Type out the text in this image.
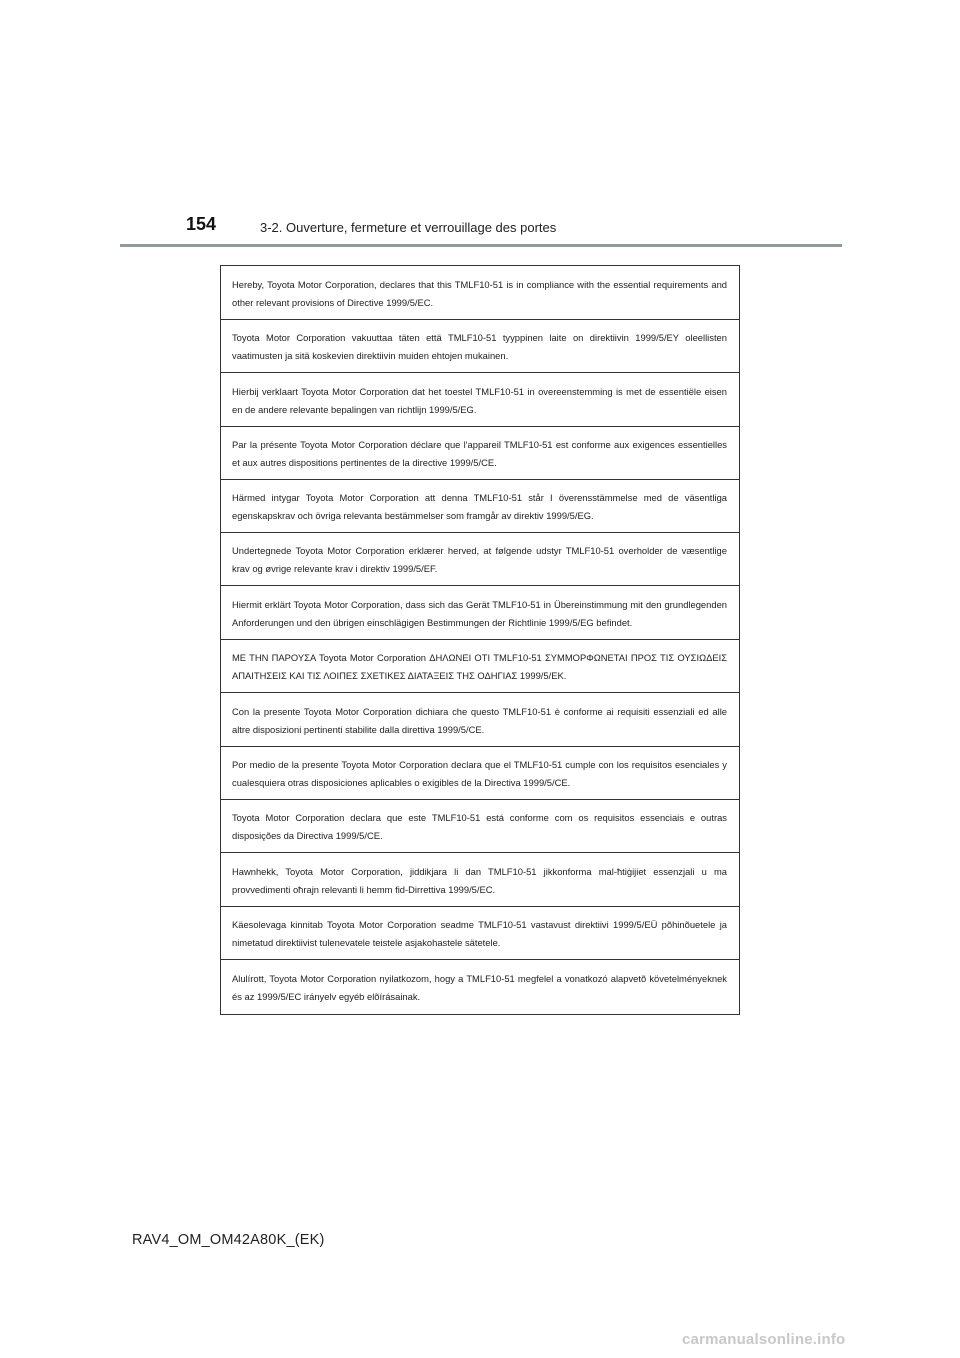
154	3-2. Ouverture, fermeture et verrouillage des portes
Hereby, Toyota Motor Corporation, declares that this TMLF10-51 is in compliance with the essential requirements and other relevant provisions of Directive 1999/5/EC.
Toyota Motor Corporation vakuuttaa täten että TMLF10-51 tyyppinen laite on direktiivin 1999/5/EY oleellisten vaatimusten ja sitä koskevien direktiivin muiden ehtojen mukainen.
Hierbij verklaart Toyota Motor Corporation dat het toestel TMLF10-51 in overeenstemming is met de essentiële eisen en de andere relevante bepalingen van richtlijn 1999/5/EG.
Par la présente Toyota Motor Corporation déclare que l'appareil TMLF10-51 est conforme aux exigences essentielles et aux autres dispositions pertinentes de la directive 1999/5/CE.
Härmed intygar Toyota Motor Corporation att denna TMLF10-51 står I överensstämmelse med de väsentliga egenskapskrav och övriga relevanta bestämmelser som framgår av direktiv 1999/5/EG.
Undertegnede Toyota Motor Corporation erklærer herved, at følgende udstyr TMLF10-51 overholder de væsentlige krav og øvrige relevante krav i direktiv 1999/5/EF.
Hiermit erklärt Toyota Motor Corporation, dass sich das Gerät TMLF10-51 in Übereinstimmung mit den grundlegenden Anforderungen und den übrigen einschlägigen Bestimmungen der Richtlinie 1999/5/EG befindet.
ΜΕ ΤΗΝ ΠΑΡΟΥΣΑ Toyota Motor Corporation ΔΗΛΩΝΕΙ ΟΤΙ TMLF10-51 ΣΥΜΜΟΡΦΩΝΕΤΑΙ ΠΡΟΣ ΤΙΣ ΟΥΣΙΩΔΕΙΣ ΑΠΑΙΤΗΣΕΙΣ ΚΑΙ ΤΙΣ ΛΟΙΠΕΣ ΣΧΕΤΙΚΕΣ ΔΙΑΤΑΞΕΙΣ ΤΗΣ ΟΔΗΓΙΑΣ 1999/5/ΕΚ.
Con la presente Toyota Motor Corporation dichiara che questo TMLF10-51 è conforme ai requisiti essenziali ed alle altre disposizioni pertinenti stabilite dalla direttiva 1999/5/CE.
Por medio de la presente Toyota Motor Corporation declara que el TMLF10-51 cumple con los requisitos esenciales y cualesquiera otras disposiciones aplicables o exigibles de la Directiva 1999/5/CE.
Toyota Motor Corporation declara que este TMLF10-51 está conforme com os requisitos essenciais e outras disposições da Directiva 1999/5/CE.
Hawnhekk, Toyota Motor Corporation, jiddikjara li dan TMLF10-51 jikkonforma mal-ħtiġijiet essenzjali u ma provvedimenti oħrajn relevanti li hemm fid-Dirrettiva 1999/5/EC.
Käesolevaga kinnitab Toyota Motor Corporation seadme TMLF10-51 vastavust direktiivi 1999/5/EÜ põhinõuetele ja nimetatud direktiivist tulenevatele teistele asjakohastele sätetele.
Alulírott, Toyota Motor Corporation nyilatkozom, hogy a TMLF10-51 megfelel a vonatkozó alapvetõ követelményeknek és az 1999/5/EC irányelv egyéb elõírásainak.
RAV4_OM_OM42A80K_(EK)
carmanualsonline.info
